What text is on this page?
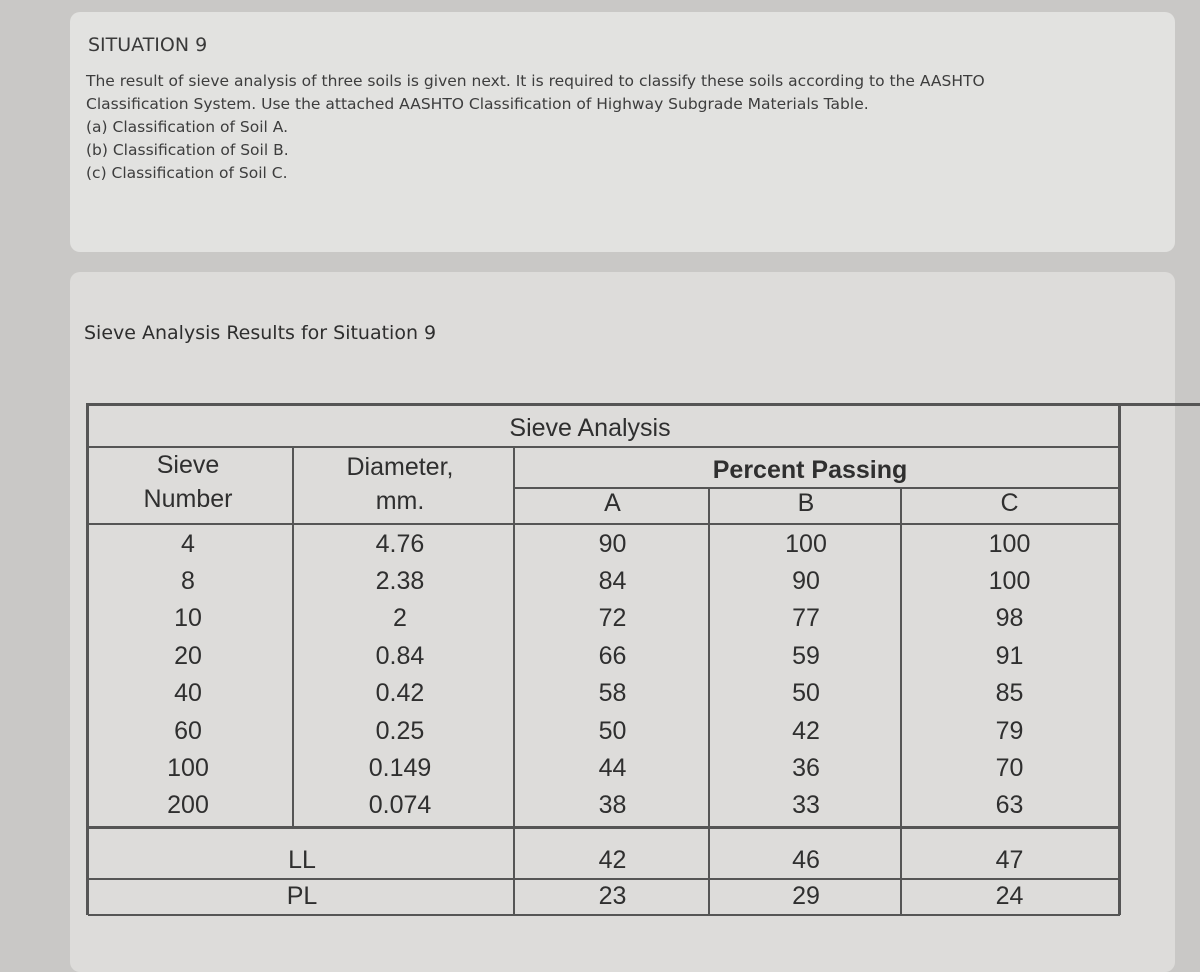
SITUATION 9
The result of sieve analysis of three soils is given next. It is required to classify these soils according to the AASHTO
Classification System. Use the attached AASHTO Classification of Highway Subgrade Materials Table.
(a) Classification of Soil A.
(b) Classification of Soil B.
(c) Classification of Soil C.
Sieve Analysis Results for Situation 9
Sieve Analysis
Sieve
Number
Diameter,
mm.
Percent Passing
A	B	C
4	4.76	90	100	100
8	2.38	84	90	100
10	2	72	77	98
20	0.84	66	59	91
40	0.42	58	50	85
60	0.25	50	42	79
100	0.149	44	36	70
200	0.074	38	33	63
LL	42	46	47
PL	23	29	24
